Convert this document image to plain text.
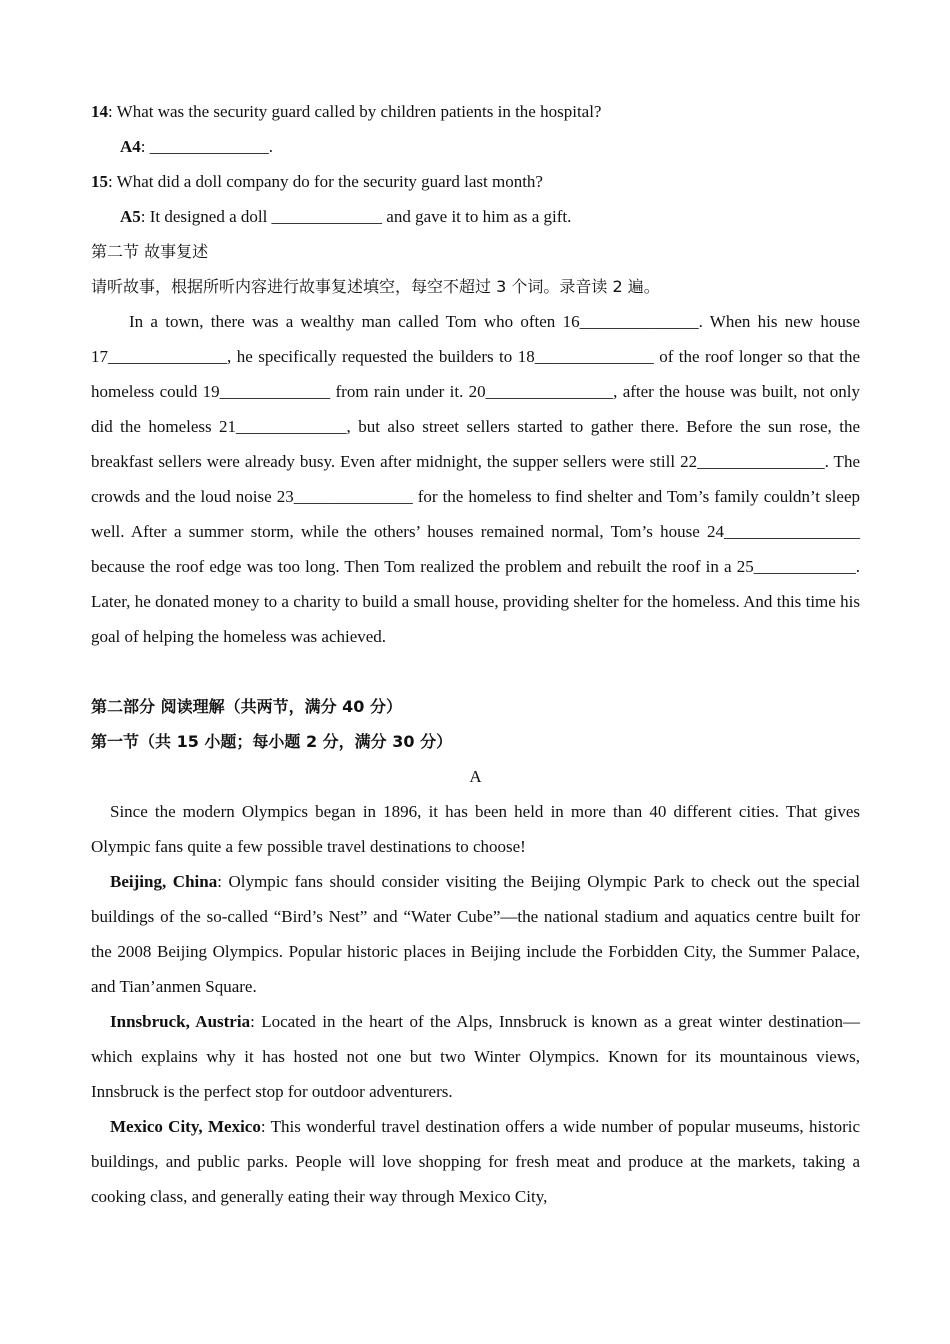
14: What was the security guard called by children patients in the hospital?
A4: ______________.
15: What did a doll company do for the security guard last month?
A5: It designed a doll _____________ and gave it to him as a gift.
第二节 故事复述
请听故事，根据所听内容进行故事复述填空，每空不超过 3 个词。录音读 2 遍。

In a town, there was a wealthy man called Tom who often 16______________. When his new house 17______________, he specifically requested the builders to 18______________ of the roof longer so that the homeless could 19_____________ from rain under it. 20_______________, after the house was built, not only did the homeless 21_____________, but also street sellers started to gather there. Before the sun rose, the breakfast sellers were already busy. Even after midnight, the supper sellers were still 22_______________. The crowds and the loud noise 23______________ for the homeless to find shelter and Tom’s family couldn’t sleep well. After a summer storm, while the others’ houses remained normal, Tom’s house 24________________ because the roof edge was too long. Then Tom realized the problem and rebuilt the roof in a 25____________. Later, he donated money to a charity to build a small house, providing shelter for the homeless. And this time his goal of helping the homeless was achieved.

第二部分 阅读理解（共两节，满分 40 分）
第一节（共 15 小题；每小题 2 分，满分 30 分）
A

Since the modern Olympics began in 1896, it has been held in more than 40 different cities. That gives Olympic fans quite a few possible travel destinations to choose!

Beijing, China: Olympic fans should consider visiting the Beijing Olympic Park to check out the special buildings of the so-called “Bird’s Nest” and “Water Cube”—the national stadium and aquatics centre built for the 2008 Beijing Olympics. Popular historic places in Beijing include the Forbidden City, the Summer Palace, and Tian’anmen Square.

Innsbruck, Austria: Located in the heart of the Alps, Innsbruck is known as a great winter destination—which explains why it has hosted not one but two Winter Olympics. Known for its mountainous views, Innsbruck is the perfect stop for outdoor adventurers.

Mexico City, Mexico: This wonderful travel destination offers a wide number of popular museums, historic buildings, and public parks. People will love shopping for fresh meat and produce at the markets, taking a cooking class, and generally eating their way through Mexico City,
